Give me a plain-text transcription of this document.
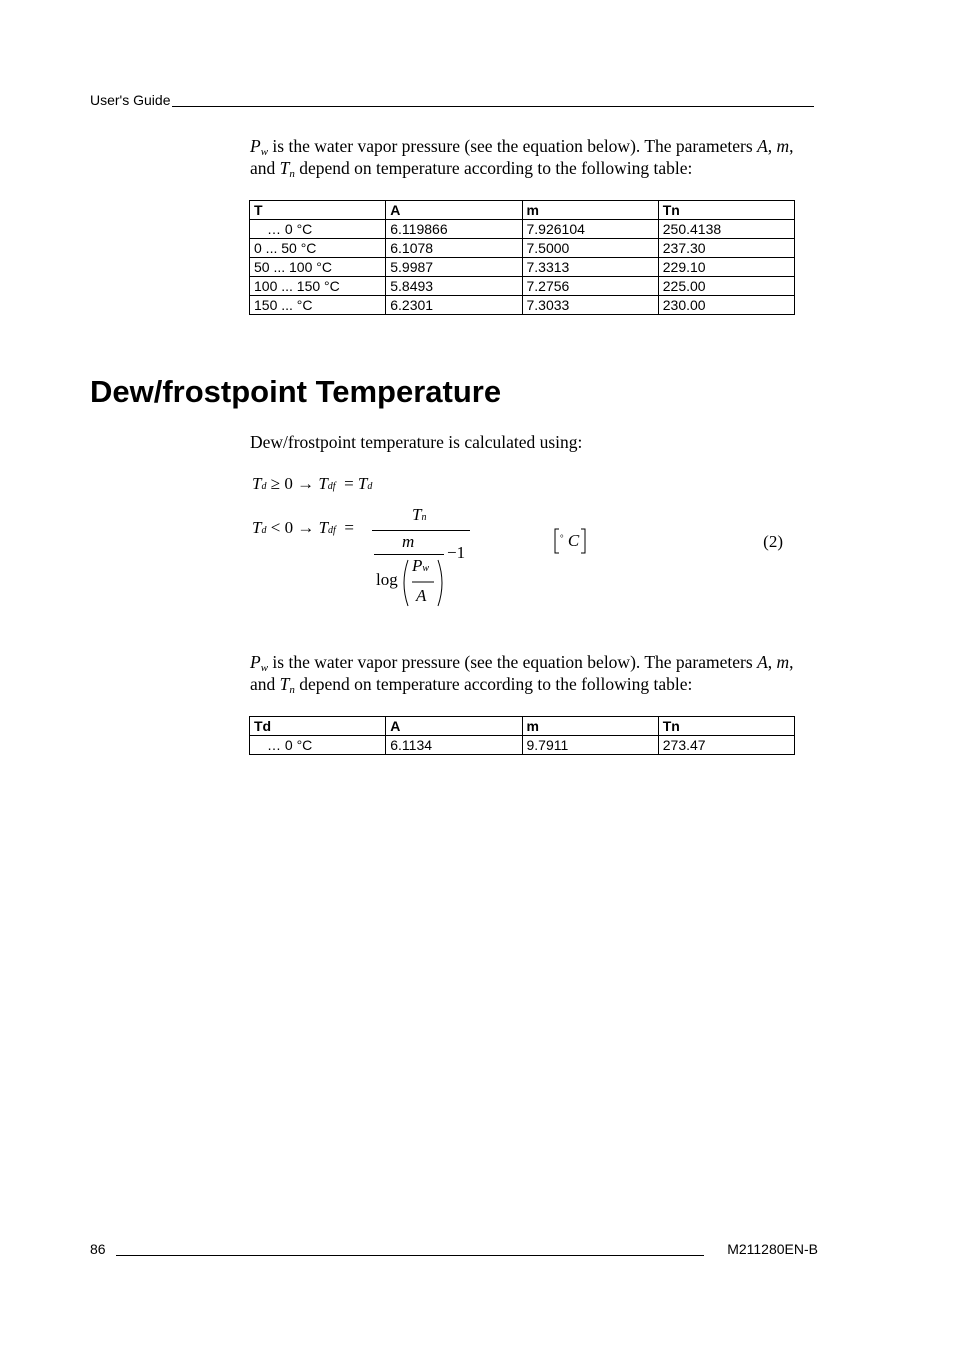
User's Guide

$P_w$ is the water vapor pressure (see the equation below). The parameters A, m, and $T_n$ depend on temperature according to the following table:

T	A	m	Tn
… 0 °C	6.119866	7.926104	250.4138
0 ... 50 °C	6.1078	7.5000	237.30
50 ... 100 °C	5.9987	7.3313	229.10
100 ... 150 °C	5.8493	7.2756	225.00
150 ... °C	6.2301	7.3033	230.00
Dew/frostpoint Temperature

Dew/frostpoint temperature is calculated using:

Td ≥ 0 → Tdf = Td
Td < 0 → Tdf =
Tn
m
−1
log
Pw
A
° C	(2)

$P_w$ is the water vapor pressure (see the equation below). The parameters A, m, and $T_n$ depend on temperature according to the following table:

Td	A	m	Tn
… 0 °C	6.1134	9.7911	273.47
86	M211280EN-B
